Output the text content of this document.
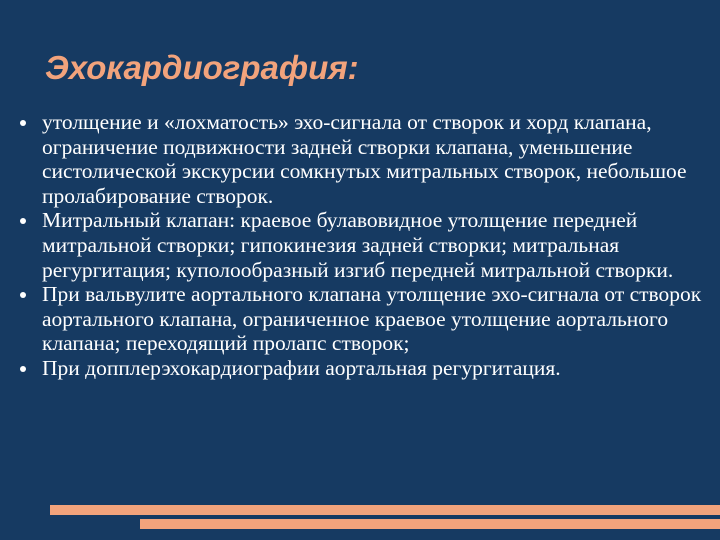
Эхокардиография:
утолщение и «лохматость» эхо-сигнала от створок и хорд клапана, ограничение подвижности задней створки клапана, уменьшение систолической экскурсии сомкнутых митральных створок, небольшое пролабирование створок.
Митральный клапан: краевое булавовидное утолщение передней митральной створки; гипокинезия задней створки; митральная регургитация; куполообразный изгиб передней митральной створки.
При вальвулите аортального клапана утолщение эхо-сигнала от створок аортального клапана, ограниченное краевое утолщение аортального клапана; переходящий пролапс створок;
При допплерэхокардиографии аортальная регургитация.
